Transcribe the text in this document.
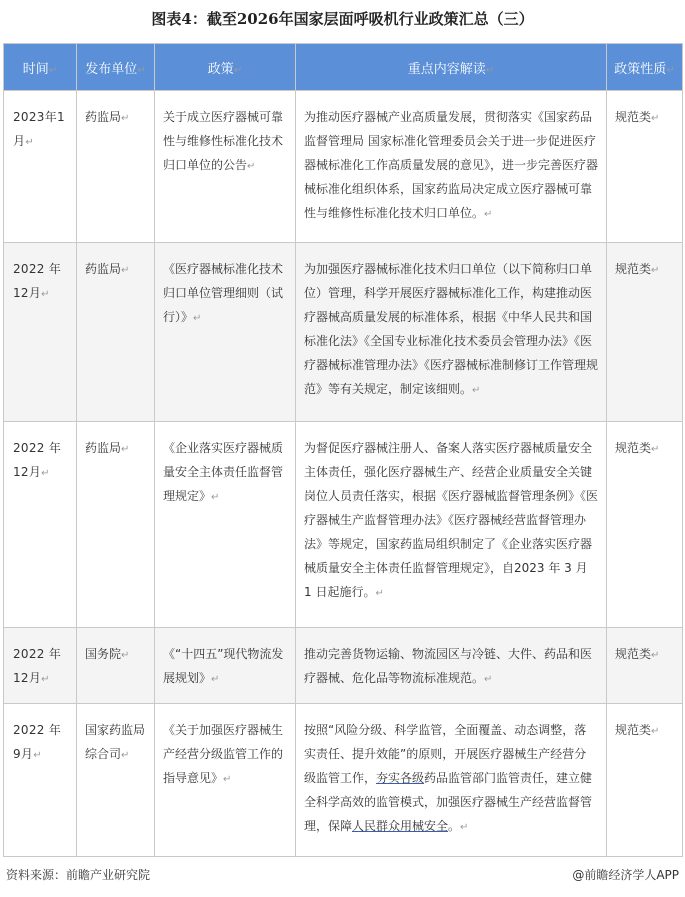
图表4：截至2026年国家层面呼吸机行业政策汇总（三）
时间↵	发布单位↵	政策↵	重点内容解读↵	政策性质↵

2023年1月↵	药监局↵	关于成立医疗器械可靠性与维修性标准化技术归口单位的公告↵	为推动医疗器械产业高质量发展，贯彻落实《国家药品监督管理局 国家标准化管理委员会关于进一步促进医疗器械标准化工作高质量发展的意见》，进一步完善医疗器械标准化组织体系，国家药监局决定成立医疗器械可靠性与维修性标准化技术归口单位。↵	规范类↵

2022 年12月↵	药监局↵	《医疗器械标准化技术归口单位管理细则（试行）》↵	为加强医疗器械标准化技术归口单位（以下简称归口单位）管理，科学开展医疗器械标准化工作，构建推动医疗器械高质量发展的标准体系，根据《中华人民共和国标准化法》《全国专业标准化技术委员会管理办法》《医疗器械标准管理办法》《医疗器械标准制修订工作管理规范》等有关规定，制定该细则。↵	规范类↵

2022 年12月↵	药监局↵	《企业落实医疗器械质量安全主体责任监督管理规定》↵	为督促医疗器械注册人、备案人落实医疗器械质量安全主体责任，强化医疗器械生产、经营企业质量安全关键岗位人员责任落实，根据《医疗器械监督管理条例》《医疗器械生产监督管理办法》《医疗器械经营监督管理办法》等规定，国家药监局组织制定了《企业落实医疗器械质量安全主体责任监督管理规定》，自2023 年 3 月 1 日起施行。↵	规范类↵

2022 年12月↵	国务院↵	《“十四五”现代物流发展规划》↵	推动完善货物运输、物流园区与冷链、大件、药品和医疗器械、危化品等物流标准规范。↵	规范类↵

2022 年9月↵	国家药监局综合司↵	《关于加强医疗器械生产经营分级监管工作的指导意见》↵	按照“风险分级、科学监管，全面覆盖、动态调整，落实责任、提升效能”的原则，开展医疗器械生产经营分级监管工作，夯实各级药品监管部门监管责任，建立健全科学高效的监管模式，加强医疗器械生产经营监督管理，保障人民群众用械安全。↵	规范类↵
资料来源：前瞻产业研究院	@前瞻经济学人APP
